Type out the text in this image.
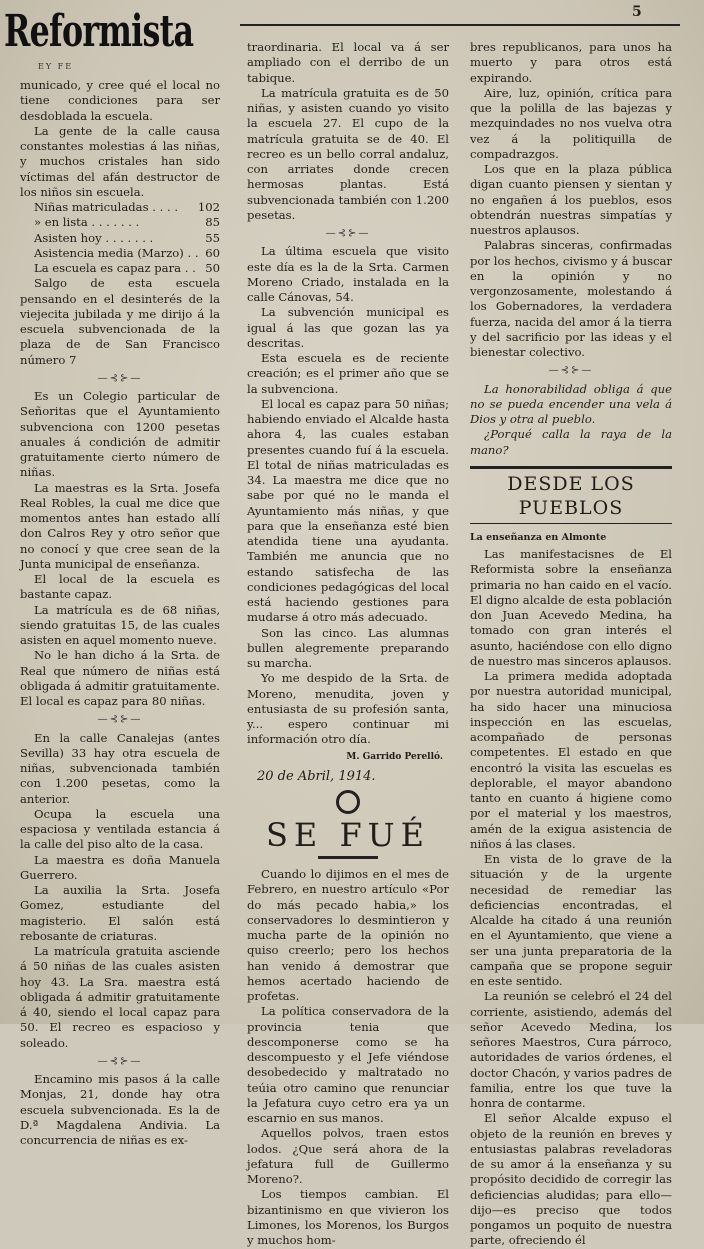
Reformista
EY FE
5

municado, y cree qué el local no tiene condiciones para ser desdoblada la escuela.

La gente de la calle causa constantes molestias á las niñas, y muchos cristales han sido víctimas del afán destructor de los niños sin escuela.

Niñas matriculadas . . . . 102
» en lista . . . . . . .	85
Asisten hoy . . . . . . .	55
Asistencia media (Marzo) . . 60
La escuela es capaz para . . 50

Salgo de esta escuela pensando en el desinterés de la viejecita jubilada y me dirijo á la escuela subvencionada de la plaza de de San Francisco número 7

—⊰⊱—

Es un Colegio particular de Señoritas que el Ayuntamiento subvenciona con 1200 pesetas anuales á condición de admitir gratuitamente cierto número de niñas.

La maestras es la Srta. Josefa Real Robles, la cual me dice que momentos antes han estado allí don Calros Rey y otro señor que no conocí y que cree sean de la Junta municipal de enseñanza.

El local de la escuela es bastante capaz.

La matrícula es de 68 niñas, siendo gratuitas 15, de las cuales asisten en aquel momento nueve.

No le han dicho á la Srta. de Real que número de niñas está obligada á admitir gratuitamente. El local es capaz para 80 niñas.

—⊰⊱—

En la calle Canalejas (antes Sevilla) 33 hay otra escuela de niñas, subvencionada también con 1.200 pesetas, como la anterior.

Ocupa la escuela una espaciosa y ventilada estancia á la calle del piso alto de la casa.

La maestra es doña Manuela Guerrero.

La auxilia la Srta. Josefa Gomez, estudiante del magisterio. El salón está rebosante de criaturas.

La matrícula gratuita asciende á 50 niñas de las cuales asisten hoy 43. La Sra. maestra está obligada á admitir gratuitamente á 40, siendo el local capaz para 50. El recreo es espacioso y soleado.

—⊰⊱—

Encamino mis pasos á la calle Monjas, 21, donde hay otra escuela subvencionada. Es la de D.ª Magdalena Andivia. La concurrencia de niñas es ex-

traordinaria. El local va á ser ampliado con el derribo de un tabique.

La matrícula gratuita es de 50 niñas, y asisten cuando yo visito la escuela 27. El cupo de la matrícula gratuita se de 40. El recreo es un bello corral andaluz, con arriates donde crecen hermosas plantas. Está subvencionada también con 1.200 pesetas.

—⊰⊱—

La última escuela que visito este día es la de la Srta. Carmen Moreno Criado, instalada en la calle Cánovas, 54.

La subvención municipal es igual á las que gozan las ya descritas.

Esta escuela es de reciente creación; es el primer año que se la subvenciona.

El local es capaz para 50 niñas; habiendo enviado el Alcalde hasta ahora 4, las cuales estaban presentes cuando fuí á la escuela. El total de niñas matriculadas es 34. La maestra me dice que no sabe por qué no le manda el Ayuntamiento más niñas, y que para que la enseñanza esté bien atendida tiene una ayudanta. También me anuncia que no estando satisfecha de las condiciones pedagógicas del local está haciendo gestiones para mudarse á otro más adecuado.

Son las cinco. Las alumnas bullen alegremente preparando su marcha.

Yo me despido de la Srta. de Moreno, menudita, joven y entusiasta de su profesión santa, y... espero continuar mi información otro día.

M. Garrido Perelló.
20 de Abril, 1914.
SE FUÉ

Cuando lo dijimos en el mes de Febrero, en nuestro artículo «Por do más pecado habia,» los conservadores lo desmintieron y mucha parte de la opinión no quiso creerlo; pero los hechos han venido á demostrar que hemos acertado haciendo de profetas.

La política conservadora de la provincia tenia que descomponerse como se ha descompuesto y el Jefe viéndose desobedecido y maltratado no teúia otro camino que renunciar la Jefatura cuyo cetro era ya un escarnio en sus manos.

Aquellos polvos, traen estos lodos. ¿Que será ahora de la jefatura full de Guillermo Moreno?.

Los tiempos cambian. El bizantinismo en que vivieron los Limones, los Morenos, los Burgos y muchos hom-

bres republicanos, para unos ha muerto y para otros está expirando.

Aire, luz, opinión, crítica para que la polilla de las bajezas y mezquindades no nos vuelva otra vez á la politiquilla de compadrazgos.

Los que en la plaza pública digan cuanto piensen y sientan y no engañen á los pueblos, esos obtendrán nuestras simpatías y nuestros aplausos.

Palabras sinceras, confirmadas por los hechos, civismo y á buscar en la opinión y no vergonzosamente, molestando á los Gobernadores, la verdadera fuerza, nacida del amor á la tierra y del sacrificio por las ideas y el bienestar colectivo.

—⊰⊱—

La honorabilidad obliga á que no se pueda encender una vela á Dios y otra al pueblo.

¿Porqué calla la raya de la mano?

DESDE LOS PUEBLOS
La enseñanza en Almonte

Las manifestacisnes de El Reformista sobre la enseñanza primaria no han caido en el vacío. El digno alcalde de esta población don Juan Acevedo Medina, ha tomado con gran interés el asunto, haciéndose con ello digno de nuestro mas sinceros aplausos.

La primera medida adoptada por nuestra autoridad municipal, ha sido hacer una minuciosa inspección en las escuelas, acompañado de personas competentes. El estado en que encontró la visita las escuelas es deplorable, el mayor abandono tanto en cuanto á higiene como por el material y los maestros, amén de la exigua asistencia de niños á las clases.

En vista de lo grave de la situación y de la urgente necesidad de remediar las deficiencias encontradas, el Alcalde ha citado á una reunión en el Ayuntamiento, que viene a ser una junta preparatoria de la campaña que se propone seguir en este sentido.

La reunión se celebró el 24 del corriente, asistiendo, además del señor Acevedo Medina, los señores Maestros, Cura párroco, autoridades de varios órdenes, el doctor Chacón, y varios padres de familia, entre los que tuve la honra de contarme.

El señor Alcalde expuso el objeto de la reunión en breves y entusiastas palabras reveladoras de su amor á la enseñanza y su propósito decidido de corregir las deficiencias aludidas; para ello—dijo—es preciso que todos pongamos un poquito de nuestra parte, ofreciendo él
